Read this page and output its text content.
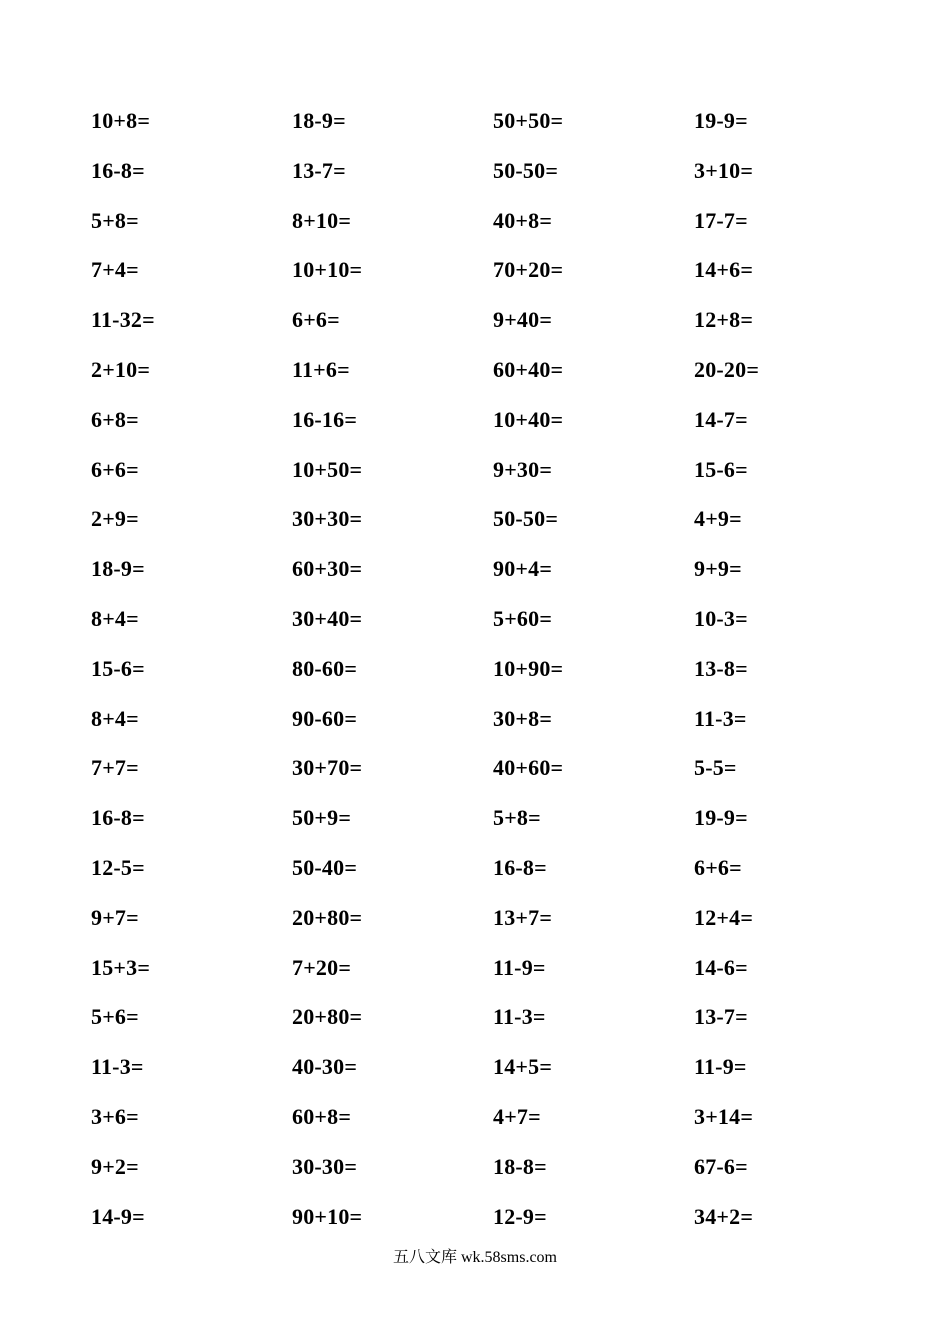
10+8=	18-9=	50+50=	19-9=
16-8=	13-7=	50-50=	3+10=
5+8=	8+10=	40+8=	17-7=
7+4=	10+10=	70+20=	14+6=
11-32=	6+6=	9+40=	12+8=
2+10=	11+6=	60+40=	20-20=
6+8=	16-16=	10+40=	14-7=
6+6=	10+50=	9+30=	15-6=
2+9=	30+30=	50-50=	4+9=
18-9=	60+30=	90+4=	9+9=
8+4=	30+40=	5+60=	10-3=
15-6=	80-60=	10+90=	13-8=
8+4=	90-60=	30+8=	11-3=
7+7=	30+70=	40+60=	5-5=
16-8=	50+9=	5+8=	19-9=
12-5=	50-40=	16-8=	6+6=
9+7=	20+80=	13+7=	12+4=
15+3=	7+20=	11-9=	14-6=
5+6=	20+80=	11-3=	13-7=
11-3=	40-30=	14+5=	11-9=
3+6=	60+8=	4+7=	3+14=
9+2=	30-30=	18-8=	67-6=
14-9=	90+10=	12-9=	34+2=
五八文库 wk.58sms.com
